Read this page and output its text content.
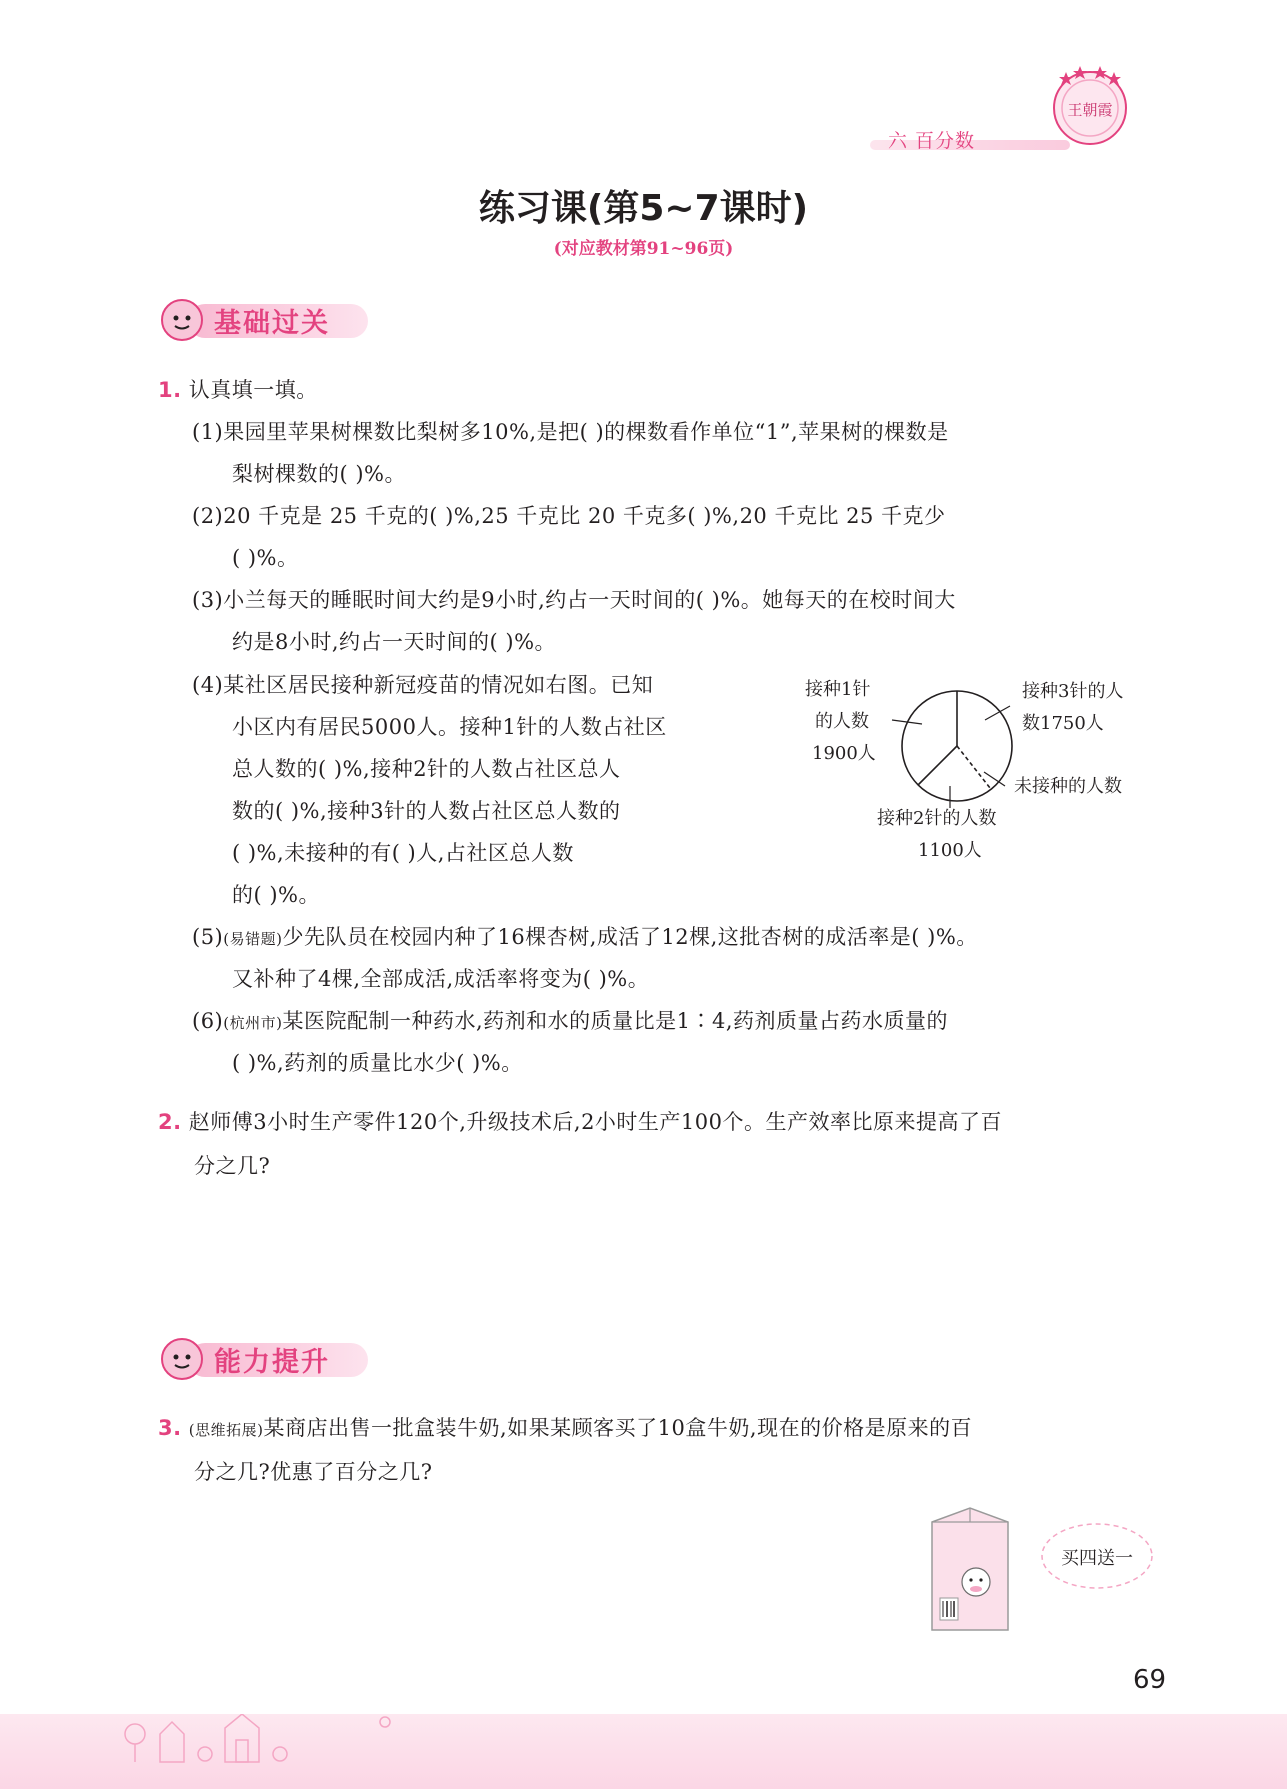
六 百分数
王朝霞
练习课(第5~7课时)
(对应教材第91~96页)
基础过关
1. 认真填一填。
(1)果园里苹果树棵数比梨树多10%,是把( )的棵数看作单位“1”,苹果树的棵数是
梨树棵数的( )%。
(2)20 千克是 25 千克的( )%,25 千克比 20 千克多( )%,20 千克比 25 千克少
( )%。
(3)小兰每天的睡眠时间大约是9小时,约占一天时间的( )%。她每天的在校时间大
约是8小时,约占一天时间的( )%。
(4)某社区居民接种新冠疫苗的情况如右图。已知
小区内有居民5000人。接种1针的人数占社区
总人数的( )%,接种2针的人数占社区总人
数的( )%,接种3针的人数占社区总人数的
( )%,未接种的有( )人,占社区总人数
的( )%。
接种1针
的人数
1900人
接种3针的人
数1750人
未接种的人数
接种2针的人数
1100人
(5)(易错题)少先队员在校园内种了16棵杏树,成活了12棵,这批杏树的成活率是( )%。
又补种了4棵,全部成活,成活率将变为( )%。
(6)(杭州市)某医院配制一种药水,药剂和水的质量比是1∶4,药剂质量占药水质量的
( )%,药剂的质量比水少( )%。
2. 赵师傅3小时生产零件120个,升级技术后,2小时生产100个。生产效率比原来提高了百
分之几?
能力提升
3. (思维拓展)某商店出售一批盒装牛奶,如果某顾客买了10盒牛奶,现在的价格是原来的百
分之几?优惠了百分之几?
买四送一
69
